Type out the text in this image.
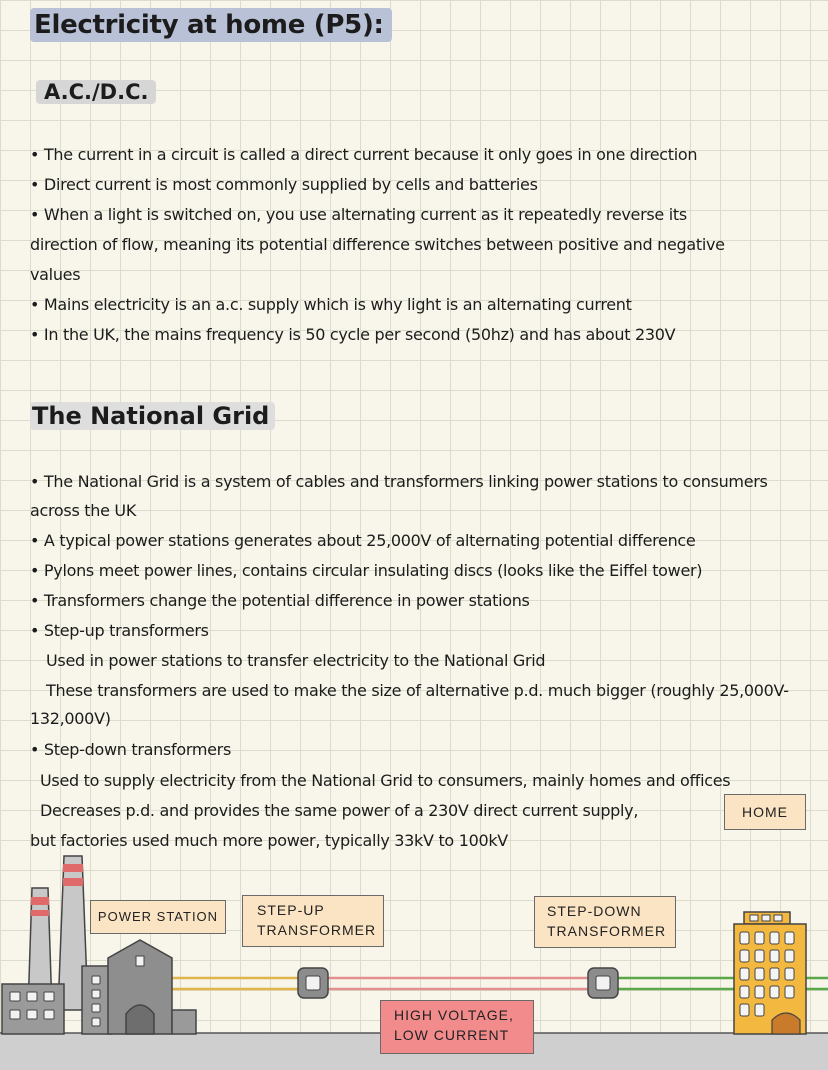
Electricity at home (P5):
A.C./D.C.
• The current in a circuit is called a direct current because it only goes in one direction
• Direct current is most commonly supplied by cells and batteries
• When a light is switched on, you use alternating current as it repeatedly reverse its
direction of flow, meaning its potential difference switches between positive and negative
values
• Mains electricity is an a.c. supply which is why light is an alternating current
• In the UK, the mains frequency is 50 cycle per second (50hz) and has about 230V
The National Grid
• The National Grid is a system of cables and transformers linking power stations to consumers
across the UK
• A typical power stations generates about 25,000V of alternating potential difference
• Pylons meet power lines, contains circular insulating discs (looks like the Eiffel tower)
• Transformers change the potential difference in power stations
• Step-up transformers
Used in power stations to transfer electricity to the National Grid
These transformers are used to make the size of alternative p.d. much bigger (roughly 25,000V-
132,000V)
• Step-down transformers
Used to supply electricity from the National Grid to consumers, mainly homes and offices
Decreases p.d. and provides the same power of a 230V direct current supply,
but factories used much more power, typically 33kV to 100kV
POWER STATION	STEP-UP
TRANSFORMER
STEP-DOWN
TRANSFORMER
HOME
HIGH VOLTAGE,
LOW CURRENT
